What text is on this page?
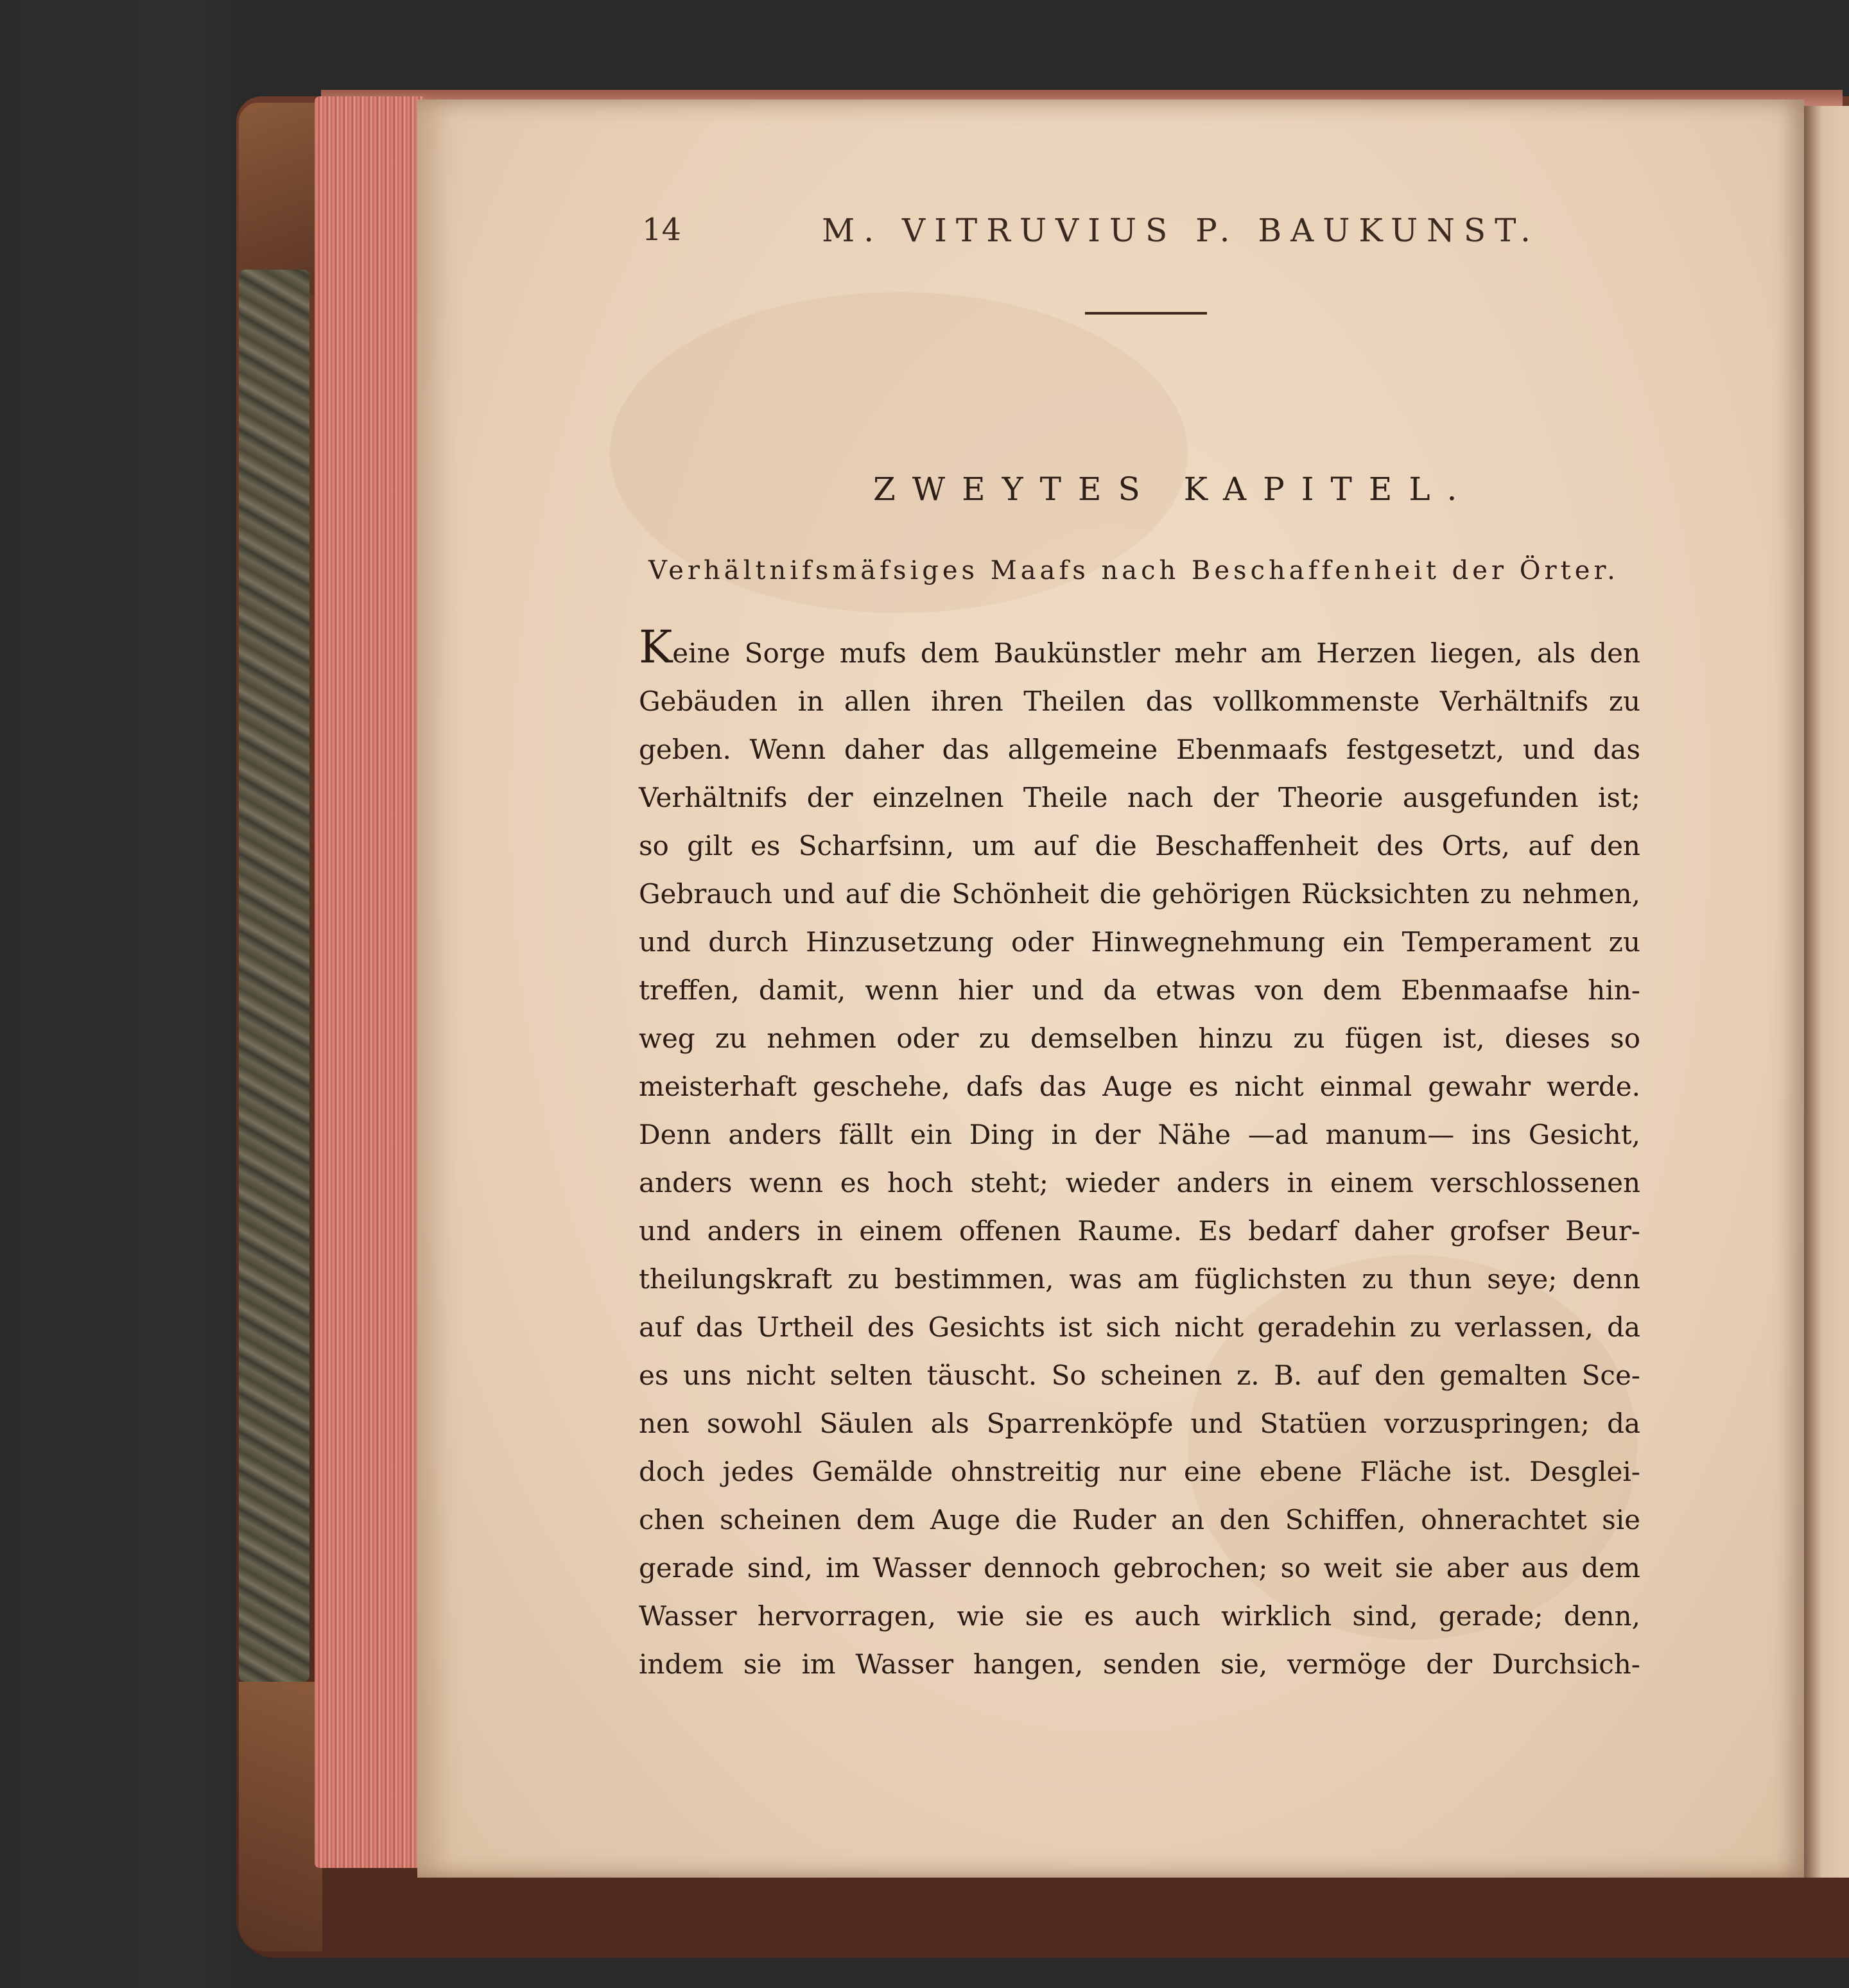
14	M. VITRUVIUS P. BAUKUNST.
ZWEYTES KAPITEL.
Verhältnifsmäfsiges Maafs nach Beschaffenheit der Örter.
Keine Sorge mufs dem Baukünstler mehr am Herzen liegen, als den
Gebäuden in allen ihren Theilen das vollkommenste Verhältnifs zu
geben. Wenn daher das allgemeine Ebenmaafs festgesetzt, und das
Verhältnifs der einzelnen Theile nach der Theorie ausgefunden ist;
so gilt es Scharfsinn, um auf die Beschaffenheit des Orts, auf den
Gebrauch und auf die Schönheit die gehörigen Rücksichten zu nehmen,
und durch Hinzusetzung oder Hinwegnehmung ein Temperament zu
treffen, damit, wenn hier und da etwas von dem Ebenmaafse hin-
weg zu nehmen oder zu demselben hinzu zu fügen ist, dieses so
meisterhaft geschehe, dafs das Auge es nicht einmal gewahr werde.
Denn anders fällt ein Ding in der Nähe —ad manum— ins Gesicht,
anders wenn es hoch steht; wieder anders in einem verschlossenen
und anders in einem offenen Raume. Es bedarf daher grofser Beur-
theilungskraft zu bestimmen, was am füglichsten zu thun seye; denn
auf das Urtheil des Gesichts ist sich nicht geradehin zu verlassen, da
es uns nicht selten täuscht. So scheinen z. B. auf den gemalten Sce-
nen sowohl Säulen als Sparrenköpfe und Statüen vorzuspringen; da
doch jedes Gemälde ohnstreitig nur eine ebene Fläche ist. Desglei-
chen scheinen dem Auge die Ruder an den Schiffen, ohnerachtet sie
gerade sind, im Wasser dennoch gebrochen; so weit sie aber aus dem
Wasser hervorragen, wie sie es auch wirklich sind, gerade; denn,
indem sie im Wasser hangen, senden sie, vermöge der Durchsich-
